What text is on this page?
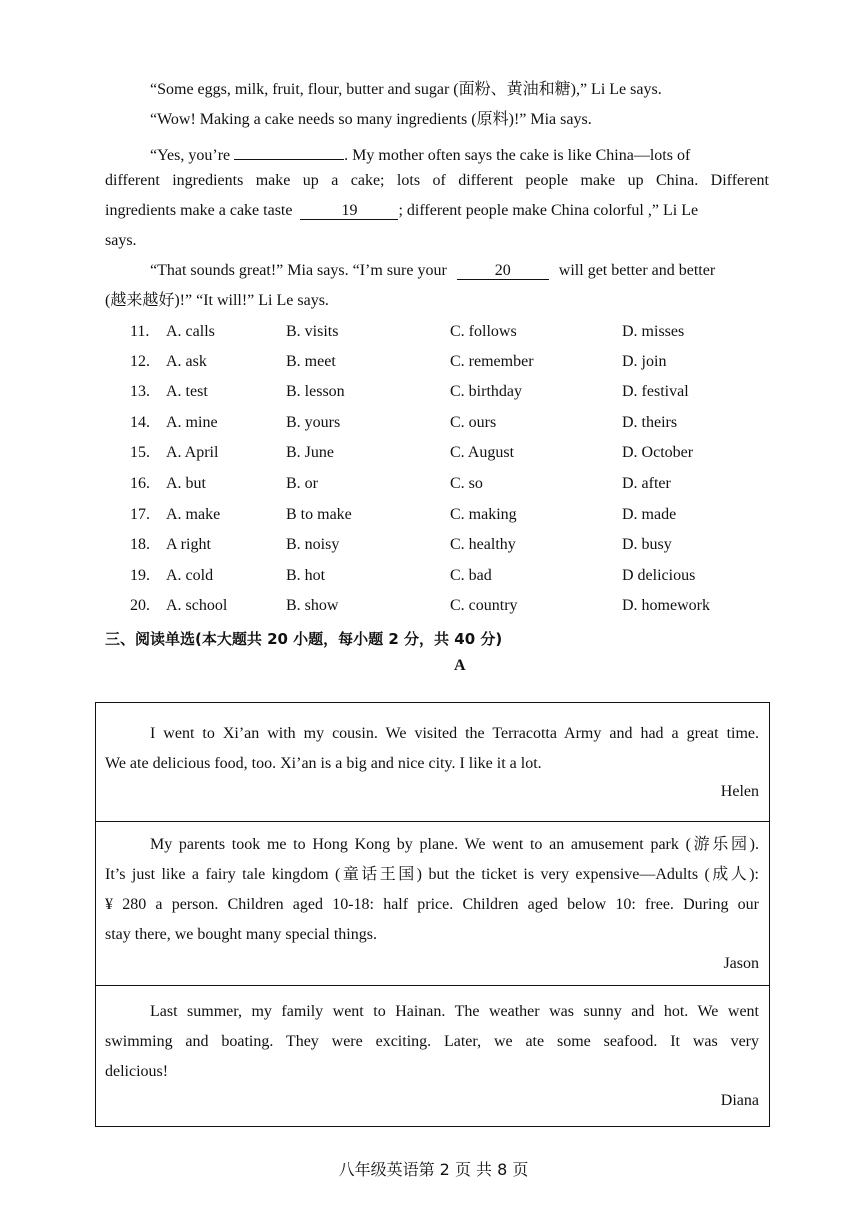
“Some eggs, milk, fruit, flour, butter and sugar (面粉、黄油和糖),” Li Le says.
“Wow! Making a cake needs so many ingredients (原料)!” Mia says.
“Yes, you’re	. My mother often says the cake is like China—lots of
different ingredients make up a cake; lots of different people make up China. Different
ingredients make a cake taste	19	; different people make China colorful ,” Li Le
says.
“That sounds great!” Mia says. “I’m sure your	20	will get better and better
(越来越好)!” “It will!” Li Le says.
11. A. calls	B. visits	C. follows	D. misses
12. A. ask	B. meet	C. remember	D. join
13. A. test	B. lesson	C. birthday	D. festival
14. A. mine	B. yours	C. ours	D. theirs
15. A. April	B. June	C. August	D. October
16. A. but	B. or	C. so	D. after
17. A. make	B to make	C. making	D. made
18. A right	B. noisy	C. healthy	D. busy
19. A. cold	B. hot	C. bad	D delicious
20. A. school	B. show	C. country	D. homework
三、阅读单选(本大题共 20 小题，每小题 2 分，共 40 分)
A
I went to Xi’an with my cousin. We visited the Terracotta Army and had a great time.
We ate delicious food, too. Xi’an is a big and nice city. I like it a lot.
Helen
My parents took me to Hong Kong by plane. We went to an amusement park (游乐园).
It’s just like a fairy tale kingdom (童话王国) but the ticket is very expensive—Adults (成人):
¥ 280 a person. Children aged 10-18: half price. Children aged below 10: free. During our
stay there, we bought many special things.
Jason
Last summer, my family went to Hainan. The weather was sunny and hot. We went
swimming and boating. They were exciting. Later, we ate some seafood. It was very
delicious!
Diana
八年级英语第 2 页 共 8 页
